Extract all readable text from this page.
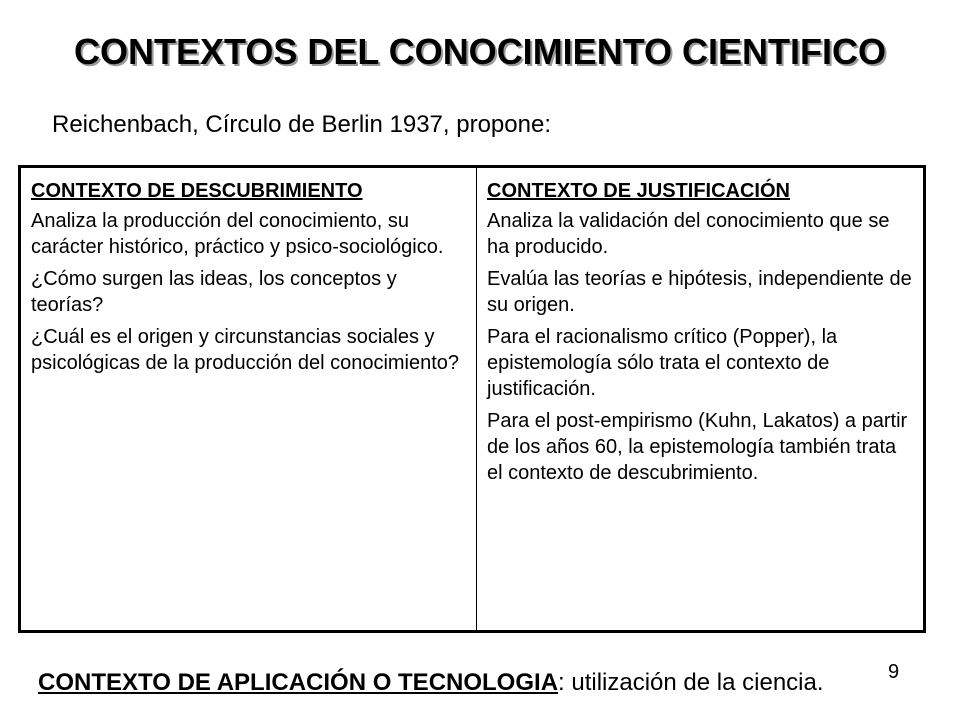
CONTEXTOS DEL CONOCIMIENTO CIENTIFICO
Reichenbach, Círculo de Berlin 1937, propone:
CONTEXTO DE DESCUBRIMIENTO

Analiza la producción del conocimiento, su carácter histórico, práctico y psico-sociológico.

¿Cómo surgen las ideas, los conceptos y teorías?

¿Cuál es el origen y circunstancias sociales y psicológicas de la producción del conocimiento?

CONTEXTO DE JUSTIFICACIÓN

Analiza la validación del conocimiento que se ha producido.

Evalúa las teorías e hipótesis, independiente de su origen.

Para el racionalismo crítico (Popper), la epistemología sólo trata el contexto de justificación.

Para el post-empirismo (Kuhn, Lakatos) a partir de los años 60, la epistemología también trata el contexto de descubrimiento.

9
CONTEXTO DE APLICACIÓN O TECNOLOGIA: utilización de la ciencia.
